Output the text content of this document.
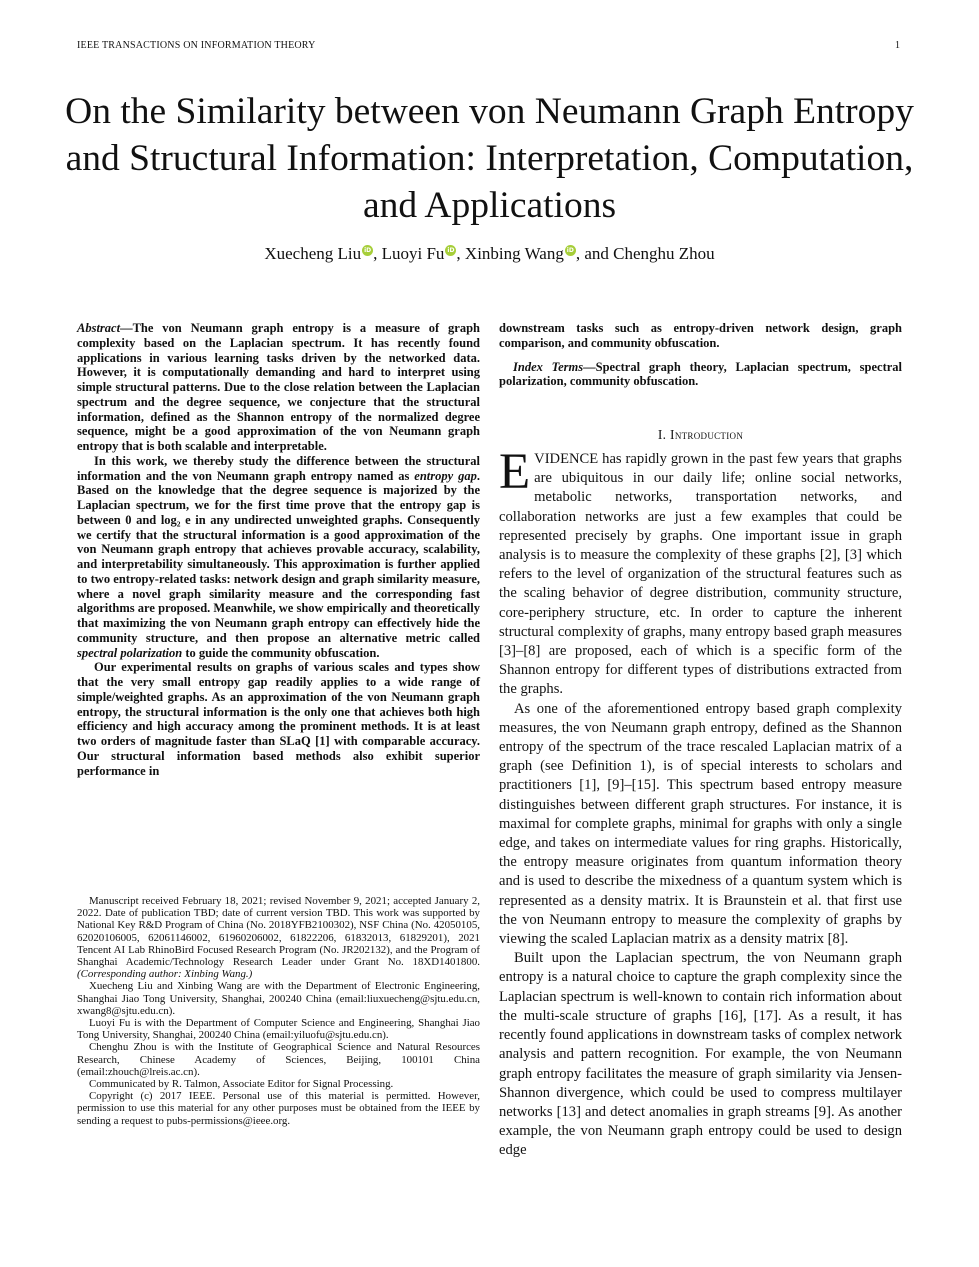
IEEE TRANSACTIONS ON INFORMATION THEORY	1
On the Similarity between von Neumann Graph Entropy and Structural Information: Interpretation, Computation, and Applications
Xuecheng Liu iD , Luoyi Fu iD , Xinbing Wang iD , and Chenghu Zhou

Abstract—The von Neumann graph entropy is a measure of graph complexity based on the Laplacian spectrum. It has recently found applications in various learning tasks driven by the networked data. However, it is computationally demanding and hard to interpret using simple structural patterns. Due to the close relation between the Laplacian spectrum and the degree sequence, we conjecture that the structural information, defined as the Shannon entropy of the normalized degree sequence, might be a good approximation of the von Neumann graph entropy that is both scalable and interpretable.

In this work, we thereby study the difference between the structural information and the von Neumann graph entropy named as entropy gap. Based on the knowledge that the degree sequence is majorized by the Laplacian spectrum, we for the first time prove that the entropy gap is between 0 and log₂ e in any undirected unweighted graphs. Consequently we certify that the structural information is a good approximation of the von Neumann graph entropy that achieves provable accuracy, scalability, and interpretability simultaneously. This approximation is further applied to two entropy-related tasks: network design and graph similarity measure, where a novel graph similarity measure and the corresponding fast algorithms are proposed. Meanwhile, we show empirically and theoretically that maximizing the von Neumann graph entropy can effectively hide the community structure, and then propose an alternative metric called spectral polarization to guide the community obfuscation.

Our experimental results on graphs of various scales and types show that the very small entropy gap readily applies to a wide range of simple/weighted graphs. As an approximation of the von Neumann graph entropy, the structural information is the only one that achieves both high efficiency and high accuracy among the prominent methods. It is at least two orders of magnitude faster than SLaQ [1] with comparable accuracy. Our structural information based methods also exhibit superior performance in

Manuscript received February 18, 2021; revised November 9, 2021; accepted January 2, 2022. Date of publication TBD; date of current version TBD. This work was supported by National Key R&D Program of China (No. 2018YFB2100302), NSF China (No. 42050105, 62020106005, 62061146002, 61960206002, 61822206, 61832013, 61829201), 2021 Tencent AI Lab RhinoBird Focused Research Program (No. JR202132), and the Program of Shanghai Academic/Technology Research Leader under Grant No. 18XD1401800. (Corresponding author: Xinbing Wang.)

Xuecheng Liu and Xinbing Wang are with the Department of Electronic Engineering, Shanghai Jiao Tong University, Shanghai, 200240 China (email:liuxuecheng@sjtu.edu.cn, xwang8@sjtu.edu.cn).

Luoyi Fu is with the Department of Computer Science and Engineering, Shanghai Jiao Tong University, Shanghai, 200240 China (email:yiluofu@sjtu.edu.cn).

Chenghu Zhou is with the Institute of Geographical Science and Natural Resources Research, Chinese Academy of Sciences, Beijing, 100101 China (email:zhouch@lreis.ac.cn).

Communicated by R. Talmon, Associate Editor for Signal Processing.

Copyright (c) 2017 IEEE. Personal use of this material is permitted. However, permission to use this material for any other purposes must be obtained from the IEEE by sending a request to pubs-permissions@ieee.org.

downstream tasks such as entropy-driven network design, graph comparison, and community obfuscation.

Index Terms—Spectral graph theory, Laplacian spectrum, spectral polarization, community obfuscation.

I. Introduction

EVIDENCE has rapidly grown in the past few years that graphs are ubiquitous in our daily life; online social networks, metabolic networks, transportation networks, and collaboration networks are just a few examples that could be represented precisely by graphs. One important issue in graph analysis is to measure the complexity of these graphs [2], [3] which refers to the level of organization of the structural features such as the scaling behavior of degree distribution, community structure, core-periphery structure, etc. In order to capture the inherent structural complexity of graphs, many entropy based graph measures [3]–[8] are proposed, each of which is a specific form of the Shannon entropy for different types of distributions extracted from the graphs.

As one of the aforementioned entropy based graph complexity measures, the von Neumann graph entropy, defined as the Shannon entropy of the spectrum of the trace rescaled Laplacian matrix of a graph (see Definition 1), is of special interests to scholars and practitioners [1], [9]–[15]. This spectrum based entropy measure distinguishes between different graph structures. For instance, it is maximal for complete graphs, minimal for graphs with only a single edge, and takes on intermediate values for ring graphs. Historically, the entropy measure originates from quantum information theory and is used to describe the mixedness of a quantum system which is represented as a density matrix. It is Braunstein et al. that first use the von Neumann entropy to measure the complexity of graphs by viewing the scaled Laplacian matrix as a density matrix [8].

Built upon the Laplacian spectrum, the von Neumann graph entropy is a natural choice to capture the graph complexity since the Laplacian spectrum is well-known to contain rich information about the multi-scale structure of graphs [16], [17]. As a result, it has recently found applications in downstream tasks of complex network analysis and pattern recognition. For example, the von Neumann graph entropy facilitates the measure of graph similarity via Jensen-Shannon divergence, which could be used to compress multilayer networks [13] and detect anomalies in graph streams [9]. As another example, the von Neumann graph entropy could be used to design edge
